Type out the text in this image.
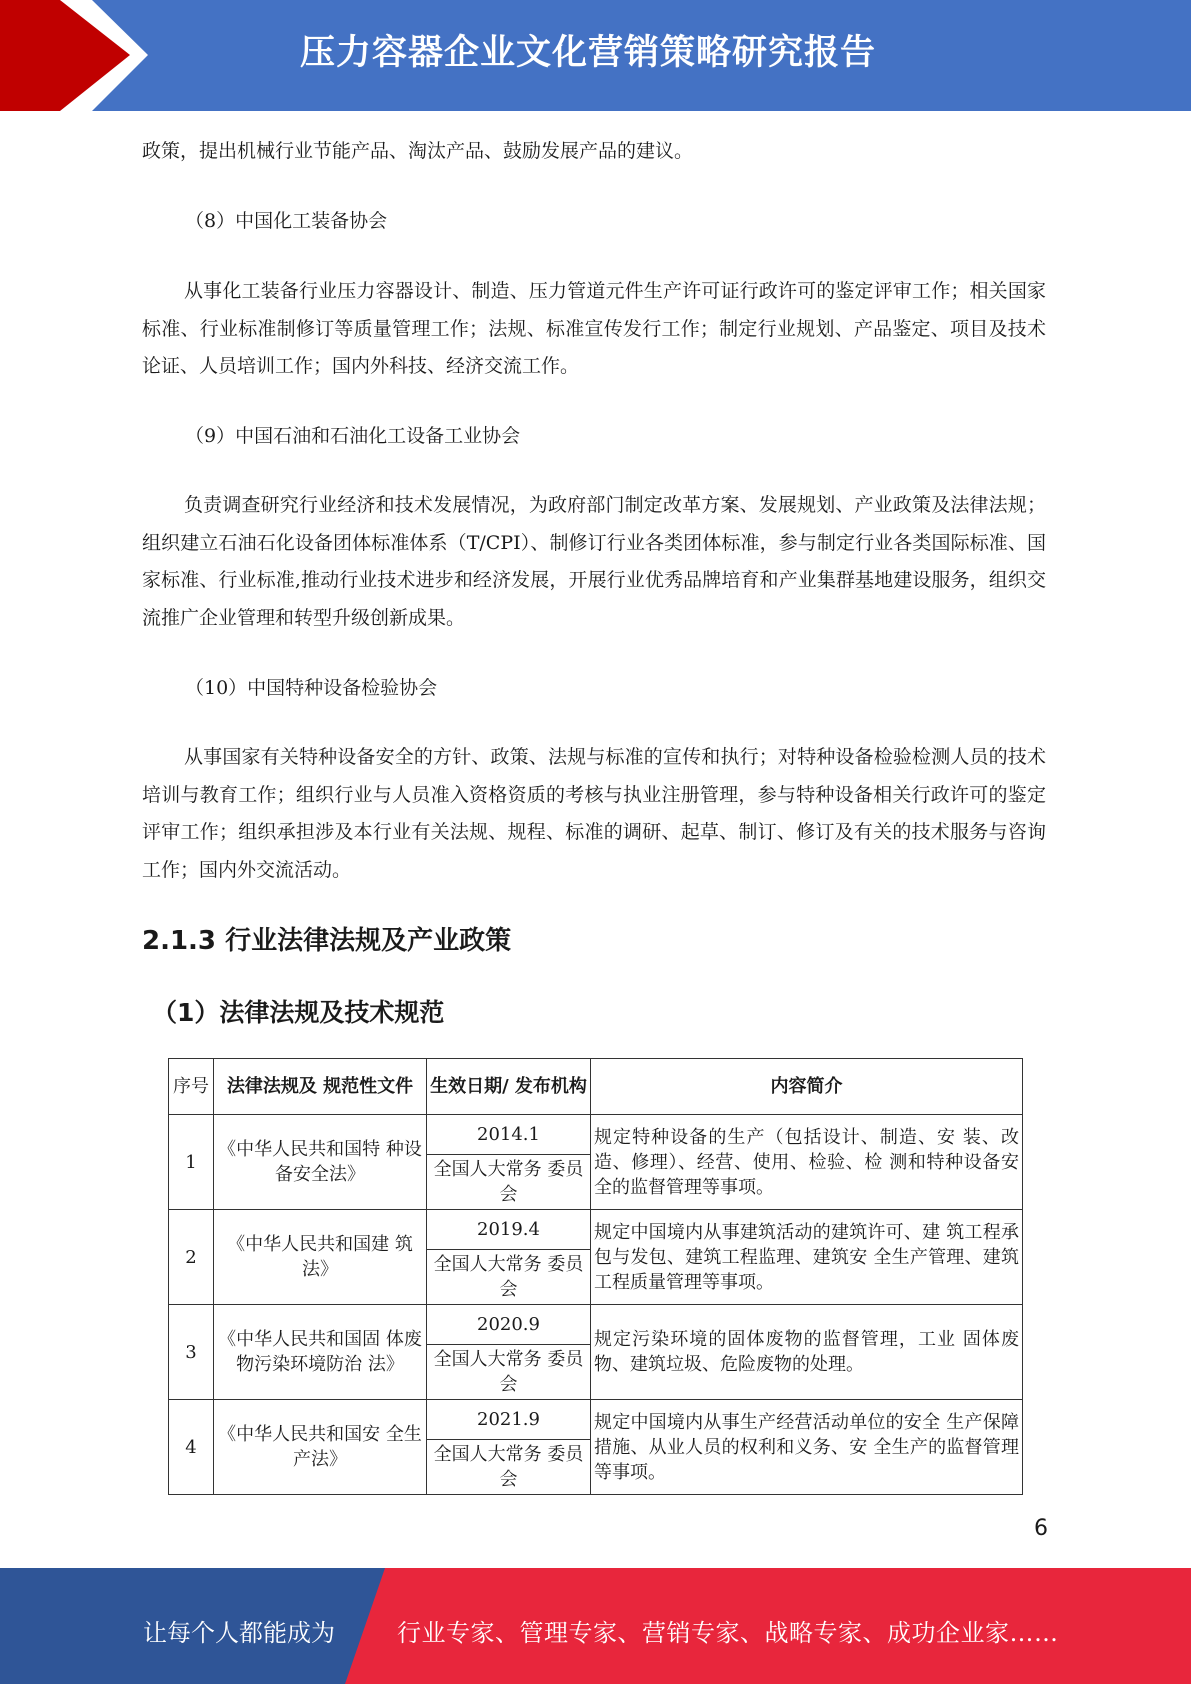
压力容器企业文化营销策略研究报告

政策，提出机械行业节能产品、淘汰产品、鼓励发展产品的建议。

（8）中国化工装备协会

从事化工装备行业压力容器设计、制造、压力管道元件生产许可证行政许可的鉴定评审工作；相关国家标准、行业标准制修订等质量管理工作；法规、标准宣传发行工作；制定行业规划、产品鉴定、项目及技术论证、人员培训工作；国内外科技、经济交流工作。

（9）中国石油和石油化工设备工业协会

负责调查研究行业经济和技术发展情况，为政府部门制定改革方案、发展规划、产业政策及法律法规；组织建立石油石化设备团体标准体系（T/CPI）、制修订行业各类团体标准，参与制定行业各类国际标准、国家标准、行业标准,推动行业技术进步和经济发展，开展行业优秀品牌培育和产业集群基地建设服务，组织交流推广企业管理和转型升级创新成果。

（10）中国特种设备检验协会

从事国家有关特种设备安全的方针、政策、法规与标准的宣传和执行；对特种设备检验检测人员的技术培训与教育工作；组织行业与人员准入资格资质的考核与执业注册管理，参与特种设备相关行政许可的鉴定评审工作；组织承担涉及本行业有关法规、规程、标准的调研、起草、制订、修订及有关的技术服务与咨询工作；国内外交流活动。

2.1.3 行业法律法规及产业政策
（1）法律法规及技术规范
序号	法律法规及 规范性文件	生效日期/ 发布机构	内容简介
1	《中华人民共和国特 种设备安全法》	2014.1	规定特种设备的生产（包括设计、制造、安 装、改造、修理）、经营、使用、检验、检 测和特种设备安全的监督管理等事项。
		全国人大常务 委员会	
2	《中华人民共和国建 筑法》	2019.4	规定中国境内从事建筑活动的建筑许可、建 筑工程承包与发包、建筑工程监理、建筑安 全生产管理、建筑工程质量管理等事项。
		全国人大常务 委员会	
3	《中华人民共和国固 体废物污染环境防治 法》	2020.9	规定污染环境的固体废物的监督管理，工业 固体废物、建筑垃圾、危险废物的处理。
		全国人大常务 委员会	
4	《中华人民共和国安 全生产法》	2021.9	规定中国境内从事生产经营活动单位的安全 生产保障措施、从业人员的权利和义务、安 全生产的监督管理等事项。
		全国人大常务 委员会	
6
让每个人都能成为	行业专家、管理专家、营销专家、战略专家、成功企业家……
